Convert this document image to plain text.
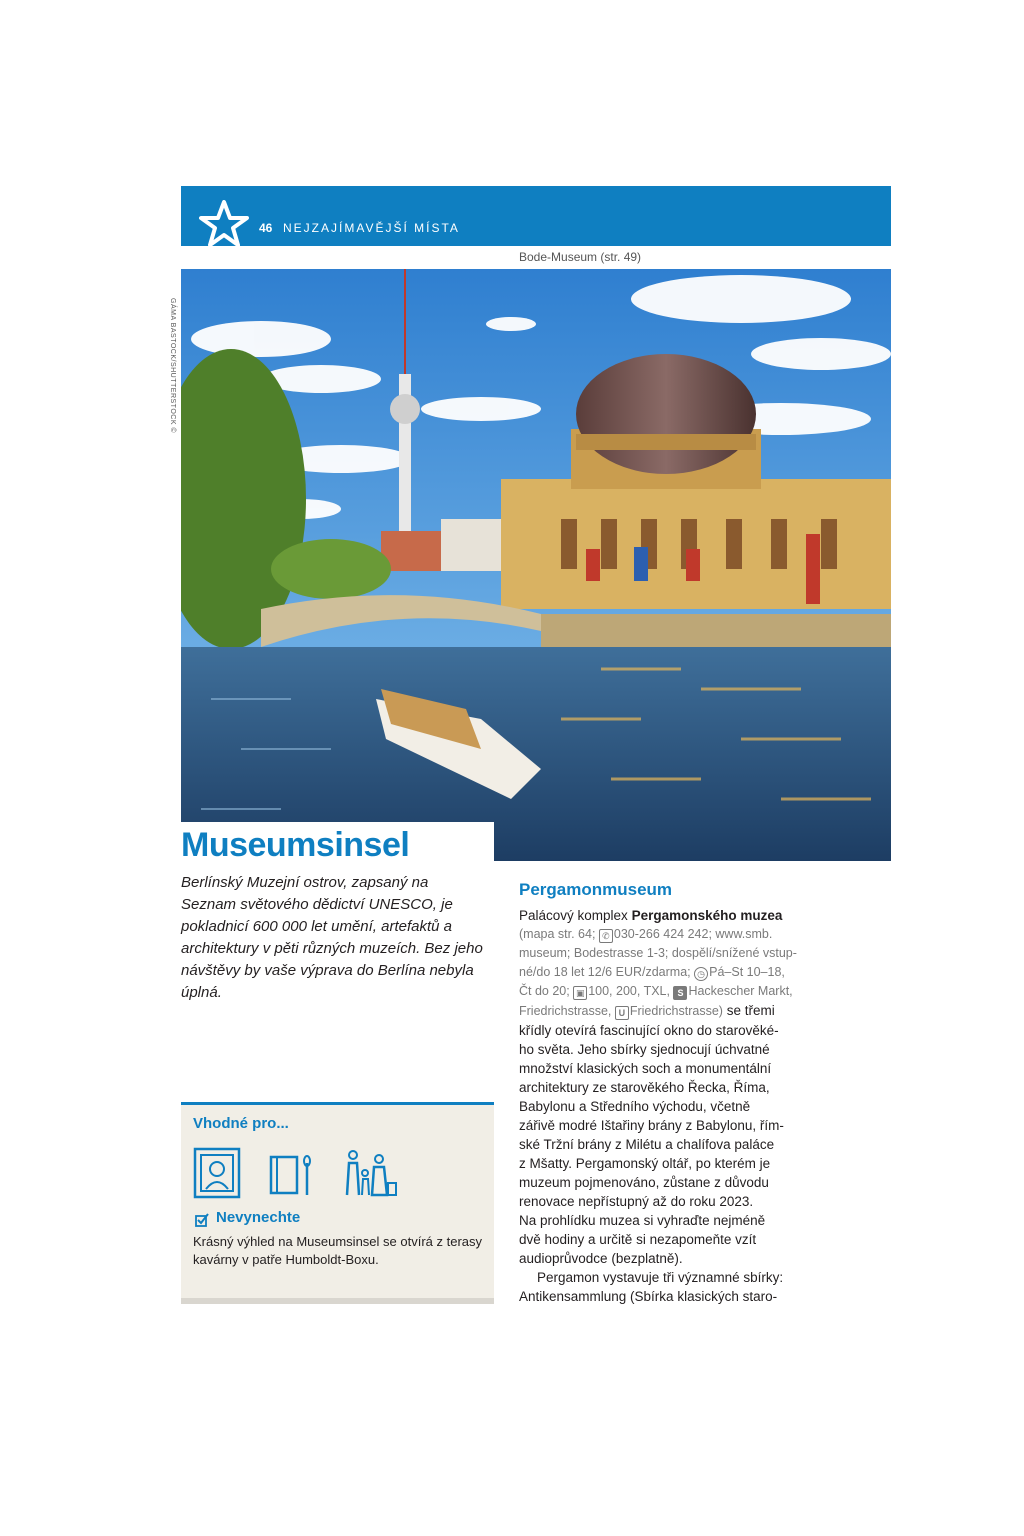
46 NEJZAJÍMAVĚJŠÍ MÍSTA
Bode-Museum (str. 49)
GÁMA BASTOCK/SHUTTERSTOCK ©
Museumsinsel
Berlínský Muzejní ostrov, zapsaný na Seznam světového dědictví UNESCO, je pokladnicí 600 000 let umění, artefaktů a architektury v pěti různých muzeích. Bez jeho návštěvy by vaše výprava do Berlína nebyla úplná.
Vhodné pro...
Nevynechte
Krásný výhled na Museumsinsel se otvírá z terasy kavárny v patře Humboldt-Boxu.
Pergamonmuseum
Palácový komplex Pergamonského muzea
(mapa str. 64; ✆ 030-266 424 242; www.smb.
museum; Bodestrasse 1-3; dospělí/snížené vstup-
né/do 18 let 12/6 EUR/zdarma; ◷ Pá–St 10–18,
Čt do 20; ▣ 100, 200, TXL, S Hackescher Markt,
Friedrichstrasse, U Friedrichstrasse) se třemi
křídly otevírá fascinující okno do starověké-
ho světa. Jeho sbírky sjednocují úchvatné
množství klasických soch a monumentální
architektury ze starověkého Řecka, Říma,
Babylonu a Středního východu, včetně
zářivě modré Ištařiny brány z Babylonu, řím-
ské Tržní brány z Milétu a chalífova paláce
z Mšatty. Pergamonský oltář, po kterém je
muzeum pojmenováno, zůstane z důvodu
renovace nepřístupný až do roku 2023.
Na prohlídku muzea si vyhraďte nejméně
dvě hodiny a určitě si nezapomeňte vzít
audioprůvodce (bezplatně).
Pergamon vystavuje tři významné sbírky:
Antikensammlung (Sbírka klasických staro-
